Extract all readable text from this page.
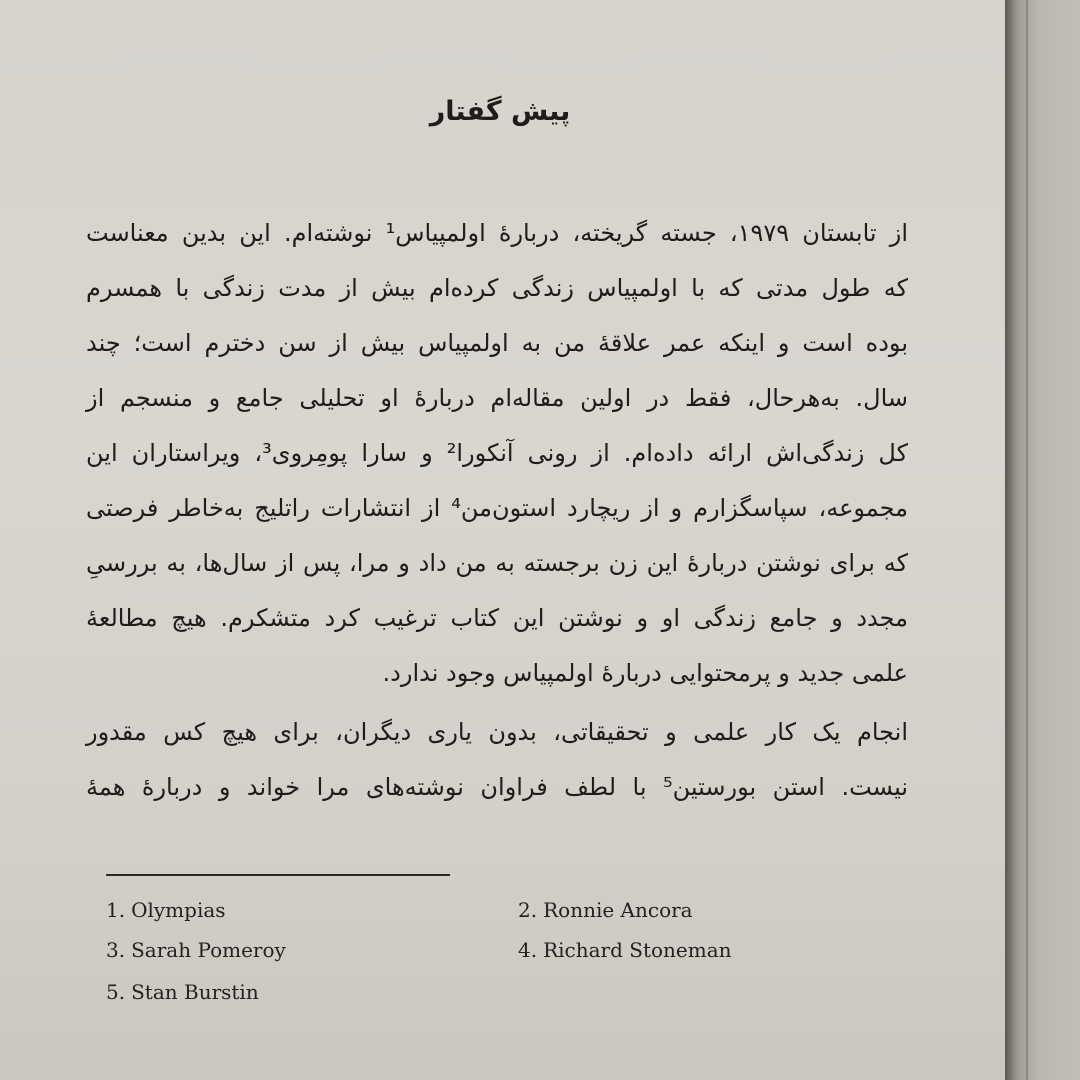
پیش گفتار
از تابستان ۱۹۷۹، جسته گریخته، دربارهٔ اولمپیاس¹ نوشته‌ام. این بدین معناست
که طول مدتی که با اولمپیاس زندگی کرده‌ام بیش از مدت زندگی با همسرم
بوده است و اینکه عمر علاقهٔ من به اولمپیاس بیش از سن دخترم است؛ چند
سال. به‌هرحال، فقط در اولین مقاله‌ام دربارهٔ او تحلیلی جامع و منسجم از
کل زندگی‌اش ارائه داده‌ام. از رونی آنکورا² و سارا پومِروی³، ویراستاران این
مجموعه، سپاسگزارم و از ریچارد استون‌من⁴ از انتشارات راتلیج به‌خاطر فرصتی
که برای نوشتن دربارهٔ این زن برجسته به من داد و مرا، پس از سال‌ها، به بررسیِ
مجدد و جامع زندگی او و نوشتن این کتاب ترغیب کرد متشکرم. هیچ مطالعهٔ
علمی جدید و پرمحتوایی دربارهٔ اولمپیاس وجود ندارد.
انجام یک کار علمی و تحقیقاتی، بدون یاری دیگران، برای هیچ کس مقدور
نیست. استن بورستین⁵ با لطف فراوان نوشته‌های مرا خواند و دربارهٔ همهٔ
1. Olympias	2. Ronnie Ancora
3. Sarah Pomeroy	4. Richard Stoneman
5. Stan Burstin
